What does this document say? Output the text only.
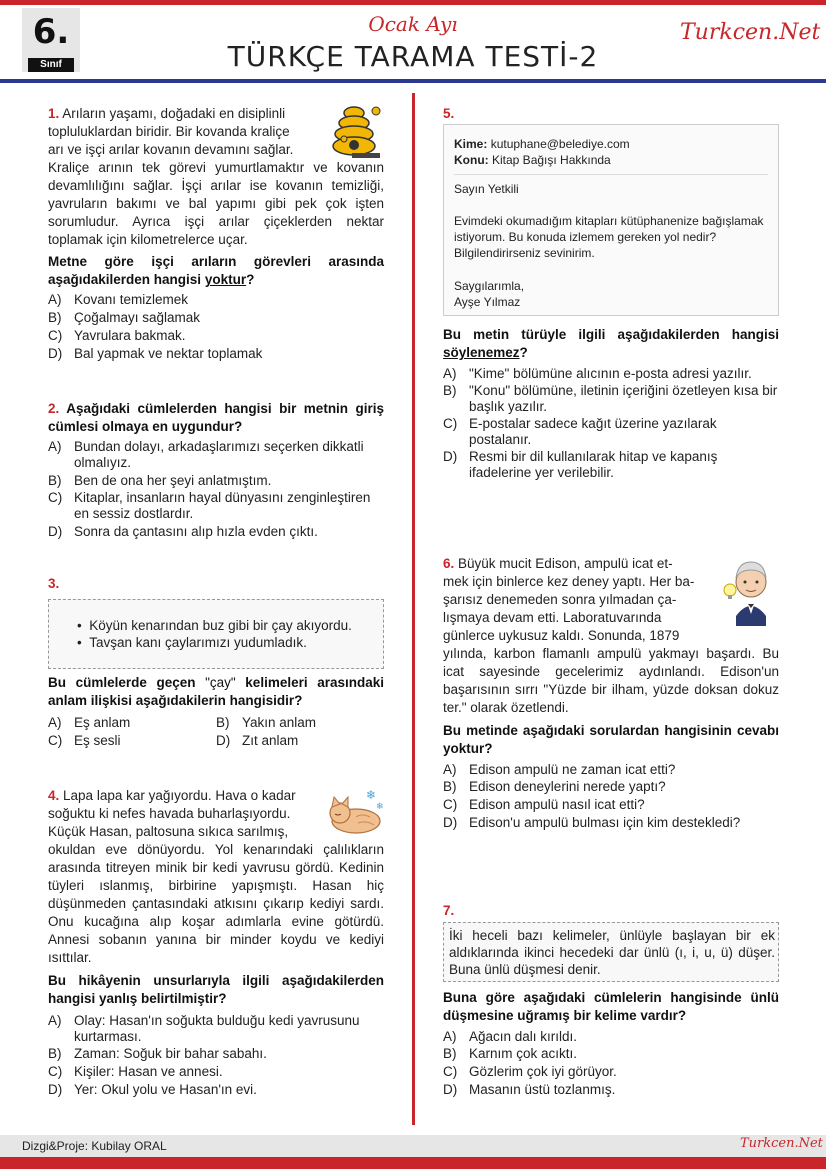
6.
Sınıf
Ocak Ayı
TÜRKÇE TARAMA TESTİ-2
Turkcen.Net
1. Arıların yaşamı, doğadaki en disiplinli
topluluklardan biridir. Bir kovanda kraliçe
arı ve işçi arılar kovanın devamını sağlar.
Kraliçe arının tek görevi yumurtlamaktır ve kovanın devamlılığını sağlar. İşçi arılar ise kovanın temizliği, yavruların bakımı ve bal yapımı gibi pek çok işten sorumludur. Ayrıca işçi arılar çiçeklerden nektar toplamak için kilometrelerce uçar.
Metne göre işçi arıların görevleri arasında aşağıdakilerden hangisi yoktur?
A) Kovanı temizlemek
B) Çoğalmayı sağlamak
C) Yavrulara bakmak.
D) Bal yapmak ve nektar toplamak
2. Aşağıdaki cümlelerden hangisi bir metnin giriş cümlesi olmaya en uygundur?
A) Bundan dolayı, arkadaşlarımızı seçerken dikkatli olmalıyız.
B) Ben de ona her şeyi anlatmıştım.
C) Kitaplar, insanların hayal dünyasını zenginleştiren en sessiz dostlardır.
D) Sonra da çantasını alıp hızla evden çıktı.
3.
•  Köyün kenarından buz gibi bir çay akıyordu.
•  Tavşan kanı çaylarımızı yudumladık.
Bu cümlelerde geçen "çay" kelimeleri arasındaki anlam ilişkisi aşağıdakilerin hangisidir?
A) Eş anlam	B) Yakın anlam
C) Eş sesli	D) Zıt anlam
4. Lapa lapa kar yağıyordu. Hava o kadar
soğuktu ki nefes havada buharlaşıyordu.
Küçük Hasan, paltosuna sıkıca sarılmış,
❄
❄
okuldan eve dönüyordu. Yol kenarındaki çalılıkların arasında titreyen minik bir kedi yavrusu gördü. Kedinin tüyleri ıslanmış, birbirine yapışmıştı. Hasan hiç düşünmeden çantasındaki atkısını çıkarıp kediyi sardı. Onu kucağına alıp koşar adımlarla evine götürdü. Annesi sobanın yanına bir minder koydu ve kediyi ısıttılar.
Bu hikâyenin unsurlarıyla ilgili aşağıdakilerden hangisi yanlış belirtilmiştir?
A) Olay: Hasan'ın soğukta bulduğu kedi yavrusunu kurtarması.
B) Zaman: Soğuk bir bahar sabahı.
C) Kişiler: Hasan ve annesi.
D) Yer: Okul yolu ve Hasan'ın evi.
5.
Kime: kutuphane@belediye.com
Konu: Kitap Bağışı Hakkında
Sayın Yetkili
Evimdeki okumadığım kitapları kütüphanenize bağışlamak istiyorum. Bu konuda izlemem gereken yol nedir? Bilgilendirirseniz sevinirim.
Saygılarımla,
Ayşe Yılmaz
Bu metin türüyle ilgili aşağıdakilerden hangisi söylenemez?
A) "Kime" bölümüne alıcının e-posta adresi yazılır.
B) "Konu" bölümüne, iletinin içeriğini özetleyen kısa bir başlık yazılır.
C) E-postalar sadece kağıt üzerine yazılarak postalanır.
D) Resmi bir dil kullanılarak hitap ve kapanış ifadelerine yer verilebilir.
6. Büyük mucit Edison, ampulü icat et-
mek için binlerce kez deney yaptı. Her ba-
şarısız denemeden sonra yılmadan ça-
lışmaya devam etti. Laboratuvarında
günlerce uykusuz kaldı. Sonunda, 1879
yılında, karbon flamanlı ampulü yakmayı başardı. Bu icat sayesinde gecelerimiz aydınlandı. Edison'un başarısının sırrı "Yüzde bir ilham, yüzde doksan dokuz ter." olarak özetlendi.
Bu metinde aşağıdaki sorulardan hangisinin cevabı yoktur?
A) Edison ampulü ne zaman icat etti?
B) Edison deneylerini nerede yaptı?
C) Edison ampulü nasıl icat etti?
D) Edison'u ampulü bulması için kim destekledi?
7.
İki heceli bazı kelimeler, ünlüyle başlayan bir ek aldıklarında ikinci hecedeki dar ünlü (ı, i, u, ü) düşer. Buna ünlü düşmesi denir.
Buna göre aşağıdaki cümlelerin hangisinde ünlü düşmesine uğramış bir kelime vardır?
A) Ağacın dalı kırıldı.
B) Karnım çok acıktı.
C) Gözlerim çok iyi görüyor.
D) Masanın üstü tozlanmış.
Dizgi&Proje: Kubilay ORAL	Turkcen.Net
